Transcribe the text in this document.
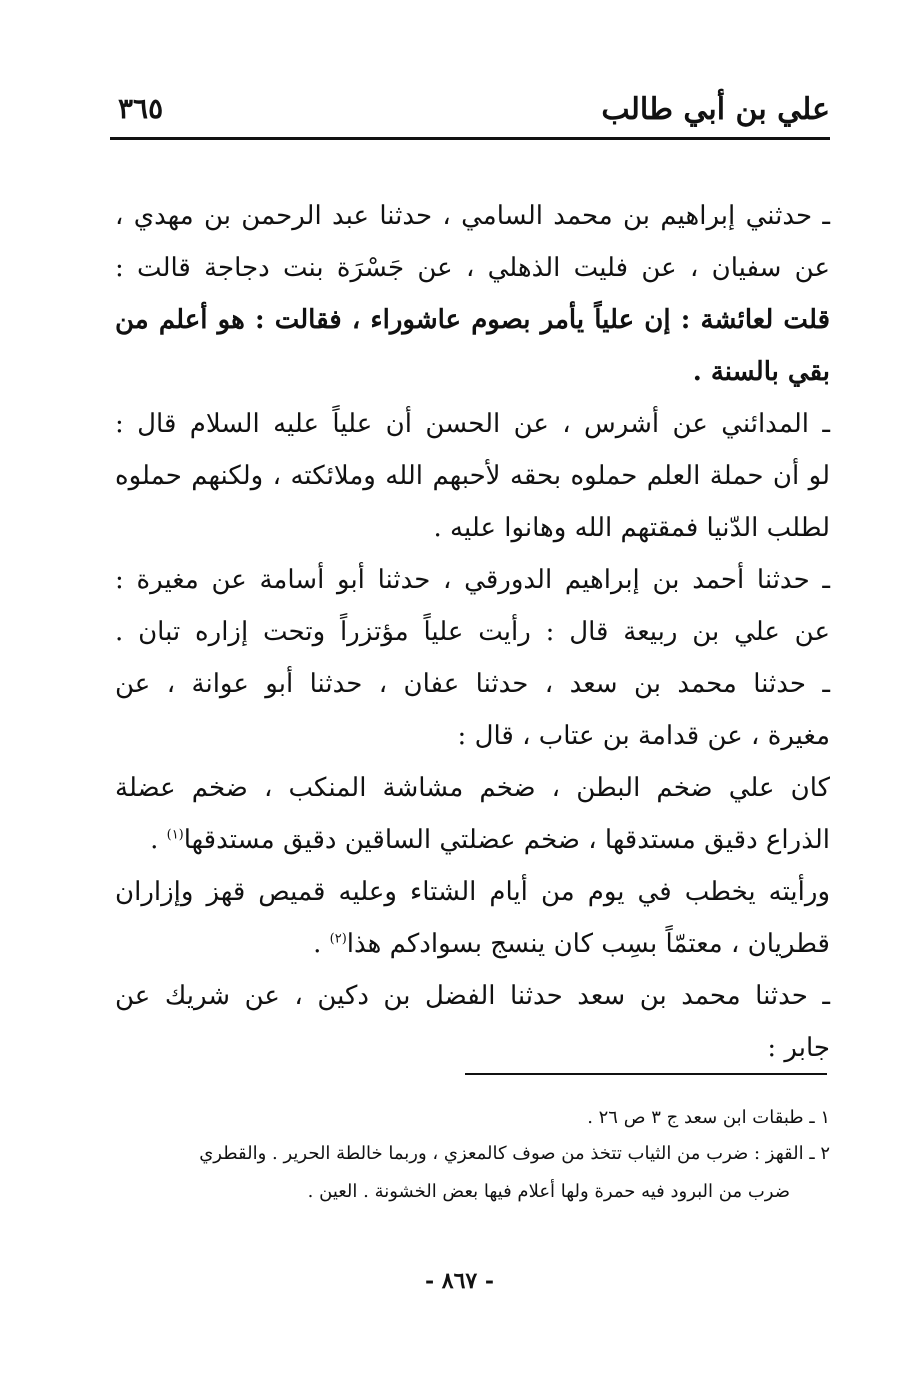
علي بن أبي طالب
٣٦٥
ـ حدثني إبراهيم بن محمد السامي ، حدثنا عبد الرحمن بن مهدي ،
عن سفيان ، عن فليت الذهلي ، عن جَسْرَة بنت دجاجة قالت :
قلت لعائشة : إن علياً يأمر بصوم عاشوراء ، فقالت : هو أعلم من
بقي بالسنة .
ـ المدائني عن أشرس ، عن الحسن أن علياً عليه السلام قال :
لو أن حملة العلم حملوه بحقه لأحبهم الله وملائكته ، ولكنهم حملوه
لطلب الدّنيا فمقتهم الله وهانوا عليه .
ـ حدثنا أحمد بن إبراهيم الدورقي ، حدثنا أبو أسامة عن مغيرة :
عن علي بن ربيعة قال : رأيت علياً مؤتزراً وتحت إزاره تبان .
ـ حدثنا محمد بن سعد ، حدثنا عفان ، حدثنا أبو عوانة ، عن
مغيرة ، عن قدامة بن عتاب ، قال :
كان علي ضخم البطن ، ضخم مشاشة المنكب ، ضخم عضلة
الذراع دقيق مستدقها ، ضخم عضلتي الساقين دقيق مستدقها$^{(١)}$ .
ورأيته يخطب في يوم من أيام الشتاء وعليه قميص قهز وإزاران
قطريان ، معتمّاً بسِب كان ينسج بسوادكم هذا$^{(٢)}$ .
ـ حدثنا محمد بن سعد حدثنا الفضل بن دكين ، عن شريك عن
جابر :
١ ـ طبقات ابن سعد ج ٣ ص ٢٦ .
٢ ـ القهز : ضرب من الثياب تتخذ من صوف كالمعزي ، وربما خالطة الحرير . والقطري
ضرب من البرود فيه حمرة ولها أعلام فيها بعض الخشونة . العين .
- ٨٦٧ -
